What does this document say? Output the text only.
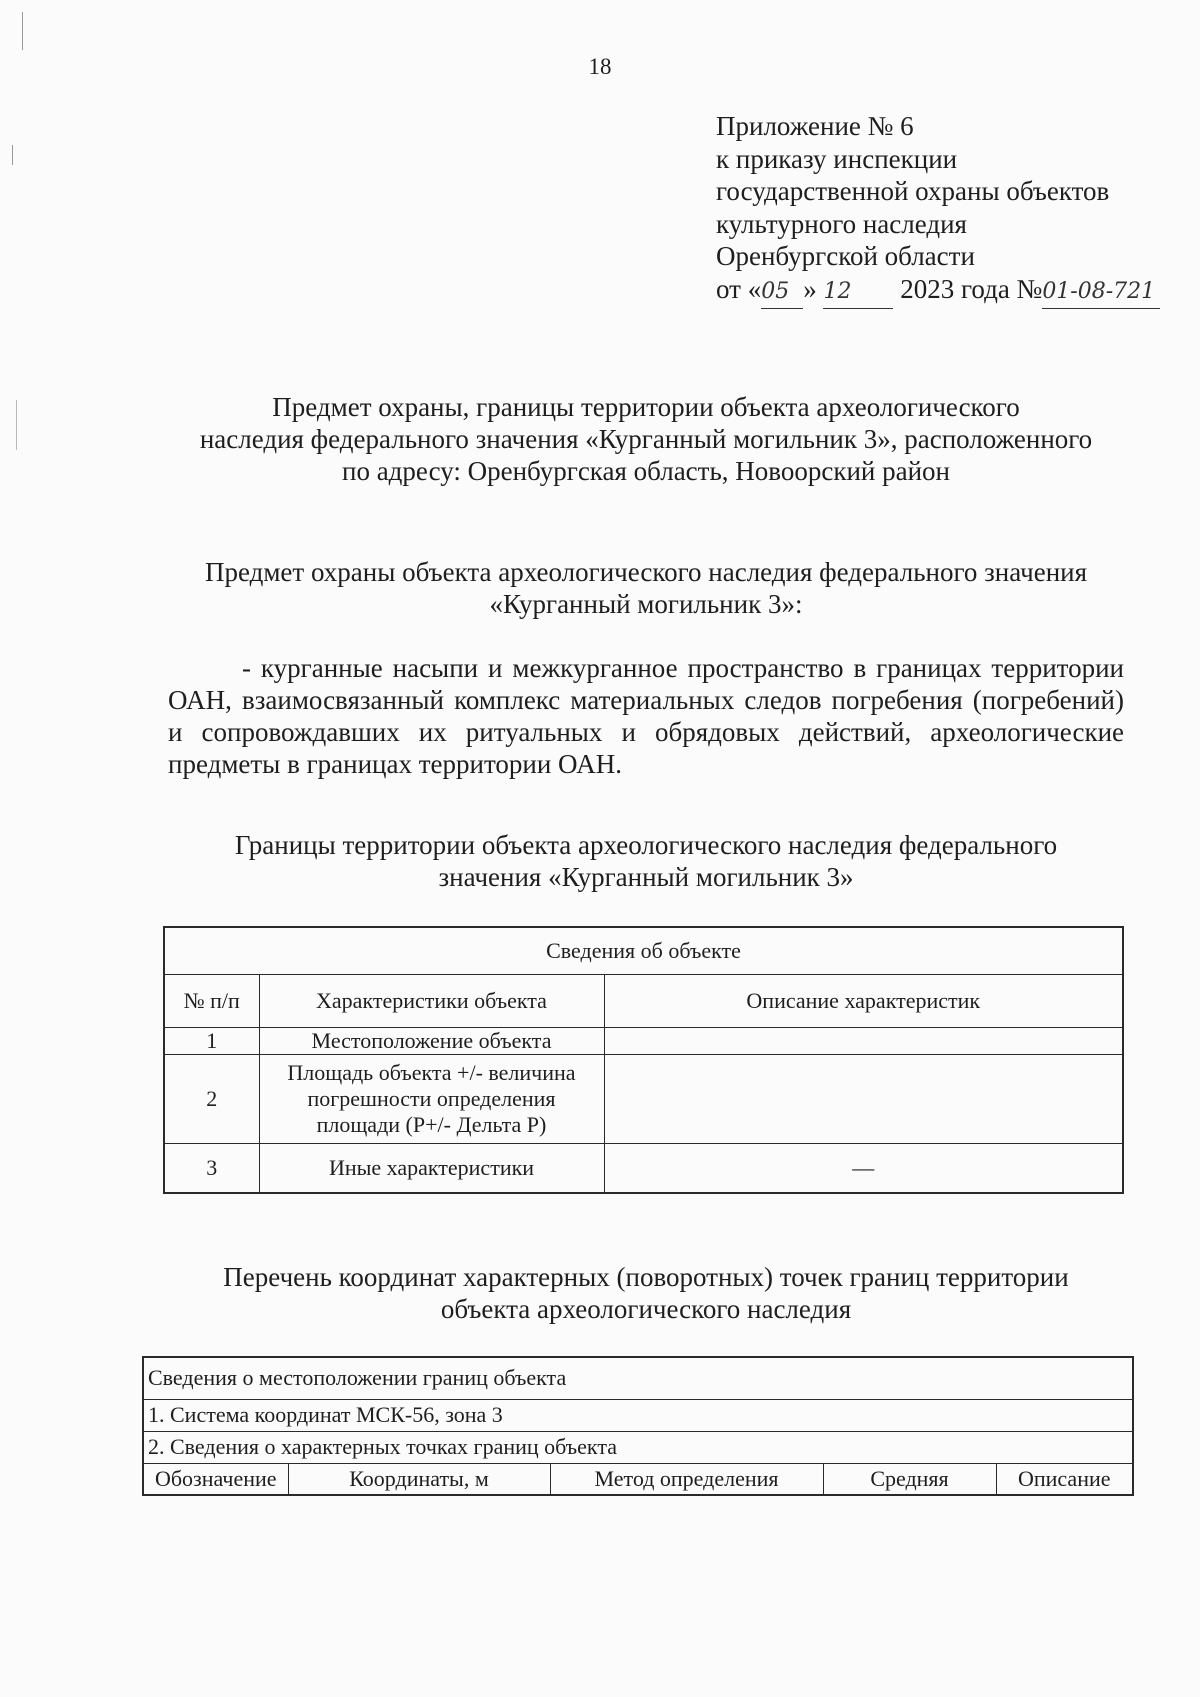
18
Приложение № 6
к приказу инспекции
государственной охраны объектов
культурного наследия
Оренбургской области
от «05 » 12 2023 года №01-08-721
Предмет охраны, границы территории объекта археологического
наследия федерального значения «Курганный могильник 3», расположенного
по адресу: Оренбургская область, Новоорский район
Предмет охраны объекта археологического наследия федерального значения
«Курганный могильник 3»:
- курганные насыпи и межкурганное пространство в границах территории ОАН, взаимосвязанный комплекс материальных следов погребения (погребений) и сопровождавших их ритуальных и обрядовых действий, археологические предметы в границах территории ОАН.
Границы территории объекта археологического наследия федерального
значения «Курганный могильник 3»
Сведения об объекте		
№ п/п	Характеристики объекта	Описание характеристик
1	Местоположение объекта	
2	Площадь объекта +/- величина погрешности определения площади (P+/- Дельта P)	
3	Иные характеристики	—
Перечень координат характерных (поворотных) точек границ территории
объекта археологического наследия
Сведения о местоположении границ объекта
1. Система координат МСК-56, зона 3
2. Сведения о характерных точках границ объекта
Обозначение	Координаты, м	Метод определения	Средняя	Описание
